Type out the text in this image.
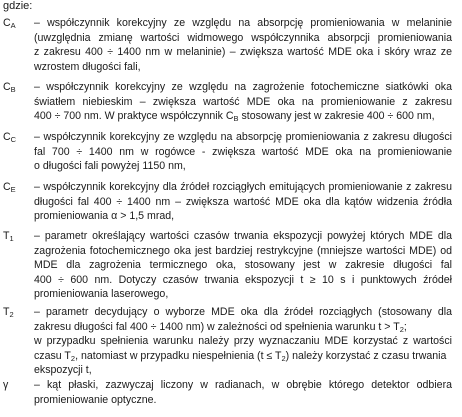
gdzie:
$C_A$	– współczynnik korekcyjny ze względu na absorpcję promieniowania w melaninie
(uwzględnia zmianę wartości widmowego współczynnika absorpcji promieniowania
z zakresu 400 ÷ 1400 nm w melaninie) – zwiększa wartość MDE oka i skóry wraz ze
wzrostem długości fali,
$C_B$	– współczynnik korekcyjny ze względu na zagrożenie fotochemiczne siatkówki oka
światłem niebieskim – zwiększa wartość MDE oka na promieniowanie z zakresu
400 ÷ 700 nm. W praktyce współczynnik $C_B$ stosowany jest w zakresie 400 ÷ 600 nm,
$C_C$	– współczynnik korekcyjny ze względu na absorpcję promieniowania z zakresu długości
fal 700 ÷ 1400 nm w rogówce - zwiększa wartość MDE oka na promieniowanie
o długości fali powyżej 1150 nm,
$C_E$	– współczynnik korekcyjny dla źródeł rozciągłych emitujących promieniowanie z zakresu
długości fal 400 ÷ 1400 nm – zwiększa wartość MDE oka dla kątów widzenia źródła
promieniowania α > 1,5 mrad,
$T_1$	– parametr określający wartości czasów trwania ekspozycji powyżej których MDE dla
zagrożenia fotochemicznego oka jest bardziej restrykcyjne (mniejsze wartości MDE) od
MDE dla zagrożenia termicznego oka, stosowany jest w zakresie długości fal
400 ÷ 600 nm. Dotyczy czasów trwania ekspozycji t ≥ 10 s i punktowych źródeł
promieniowania laserowego,
$T_2$	– parametr decydujący o wyborze MDE oka dla źródeł rozciągłych (stosowany dla
zakresu długości fal 400 ÷ 1400 nm) w zależności od spełnienia warunku $t > T_2$;
w przypadku spełnienia warunku należy przy wyznaczaniu MDE korzystać z wartości
czasu $T_2$, natomiast w przypadku niespełnienia $(t \le T_2)$ należy korzystać z czasu trwania
ekspozycji t,
γ	– kąt płaski, zazwyczaj liczony w radianach, w obrębie którego detektor odbiera
promieniowanie optyczne.
